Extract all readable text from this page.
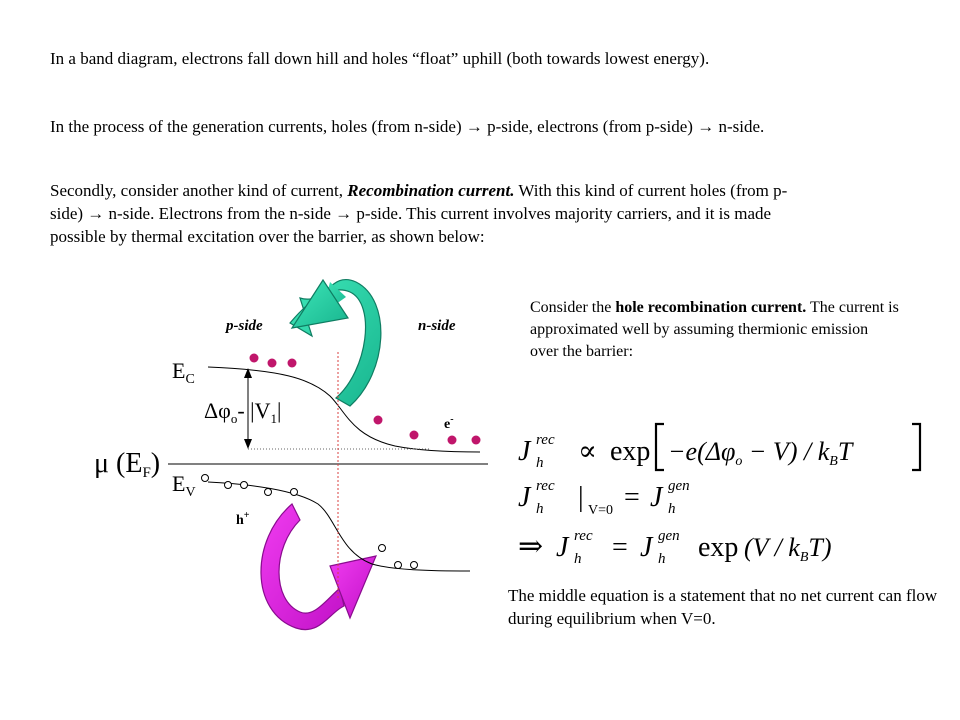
In a band diagram, electrons fall down hill and holes “float” uphill (both towards lowest energy).

In the process of the generation currents, holes (from n-side) → p-side, electrons (from p-side) → n-side.

Secondly, consider another kind of current, Recombination current. With this kind of current holes (from p-side) → n-side. Electrons from the n-side → p-side. This current involves majority carriers, and it is made possible by thermal excitation over the barrier, as shown below:

Consider the hole recombination current. The current is approximated well by assuming thermionic emission over the barrier:

p-side	n-side
$E_C$
$E_V$
$\Delta\varphi_o-$ $|V_1|$
μ (EF)
e-
h+
J rec
h ∝ exp −e(Δφo − V) / kBT
J rec
h | V=0 = J gen
h
⇒ J rec
h = J gen
h exp (V / kBT)

The middle equation is a statement that no net current can flow during equilibrium when V=0.
